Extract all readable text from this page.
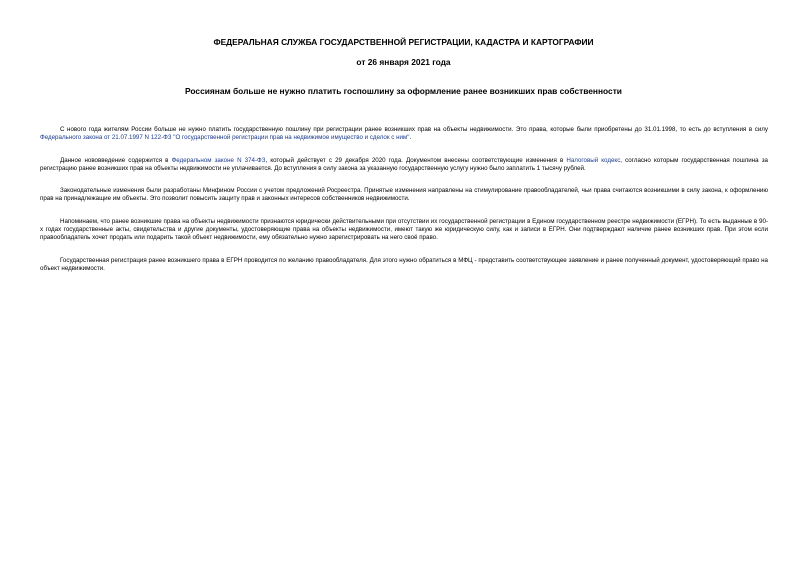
ФЕДЕРАЛЬНАЯ СЛУЖБА ГОСУДАРСТВЕННОЙ РЕГИСТРАЦИИ, КАДАСТРА И КАРТОГРАФИИ
от 26 января 2021 года
Россиянам больше не нужно платить госпошлину за оформление ранее возникших прав собственности

С нового года жителям России больше не нужно платить государственную пошлину при регистрации ранее возникших прав на объекты недвижимости. Это права, которые были приобретены до 31.01.1998, то есть до вступления в силу Федерального закона от 21.07.1997 N 122-ФЗ "О государственной регистрации прав на недвижимое имущество и сделок с ним".

Данное нововведение содержится в Федеральном законе N 374-ФЗ, который действует с 29 декабря 2020 года. Документом внесены соответствующие изменения в Налоговый кодекс, согласно которым государственная пошлина за регистрацию ранее возникших прав на объекты недвижимости не уплачивается. До вступления в силу закона за указанную государственную услугу нужно было заплатить 1 тысячу рублей.

Законодательные изменения были разработаны Минфином России с учетом предложений Росреестра. Принятые изменения направлены на стимулирование правообладателей, чьи права считаются возникшими в силу закона, к оформлению прав на принадлежащие им объекты. Это позволит повысить защиту прав и законных интересов собственников недвижимости.

Напоминаем, что ранее возникшие права на объекты недвижимости признаются юридически действительными при отсутствии их государственной регистрации в Едином государственном реестре недвижимости (ЕГРН). То есть выданные в 90-х годах государственные акты, свидетельства и другие документы, удостоверяющие права на объекты недвижимости, имеют такую же юридическую силу, как и записи в ЕГРН. Они подтверждают наличие ранее возникших прав. При этом если правообладатель хочет продать или подарить такой объект недвижимости, ему обязательно нужно зарегистрировать на него своё право.

Государственная регистрация ранее возникшего права в ЕГРН проводится по желанию правообладателя. Для этого нужно обратиться в МФЦ - представить соответствующее заявление и ранее полученный документ, удостоверяющий право на объект недвижимости.
